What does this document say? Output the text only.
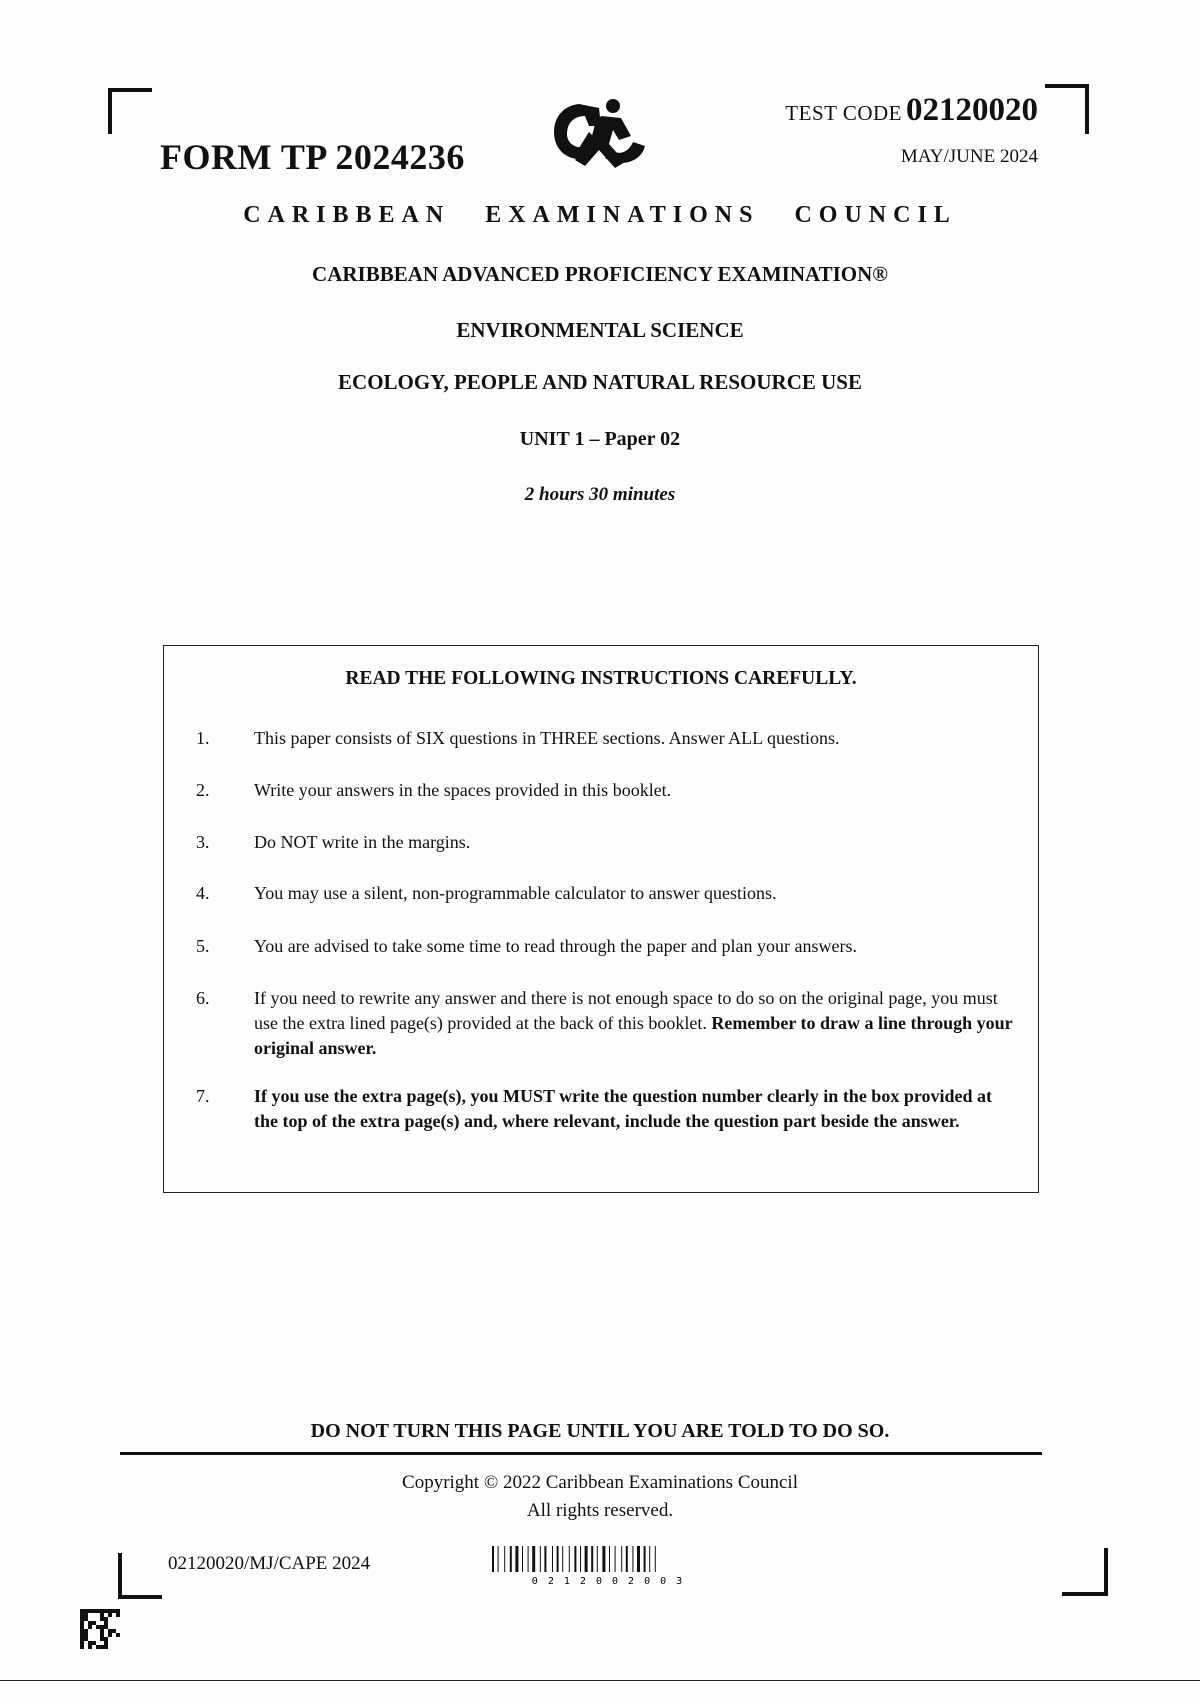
FORM TP 2024236
TEST CODE 02120020
MAY/JUNE 2024
CARIBBEAN EXAMINATIONS COUNCIL
CARIBBEAN ADVANCED PROFICIENCY EXAMINATION®
ENVIRONMENTAL SCIENCE
ECOLOGY, PEOPLE AND NATURAL RESOURCE USE
UNIT 1 – Paper 02
2 hours 30 minutes
READ THE FOLLOWING INSTRUCTIONS CAREFULLY.
1.	This paper consists of SIX questions in THREE sections. Answer ALL questions.
2.	Write your answers in the spaces provided in this booklet.
3.	Do NOT write in the margins.
4.	You may use a silent, non-programmable calculator to answer questions.
5.	You are advised to take some time to read through the paper and plan your answers.
6.	If you need to rewrite any answer and there is not enough space to do so on the original page, you must use the extra lined page(s) provided at the back of this booklet. Remember to draw a line through your original answer.
7.	If you use the extra page(s), you MUST write the question number clearly in the box provided at the top of the extra page(s) and, where relevant, include the question part beside the answer.
DO NOT TURN THIS PAGE UNTIL YOU ARE TOLD TO DO SO.
Copyright © 2022 Caribbean Examinations Council
All rights reserved.
02120020/MJ/CAPE 2024
0 2 1 2 0 0 2 0 0 3
